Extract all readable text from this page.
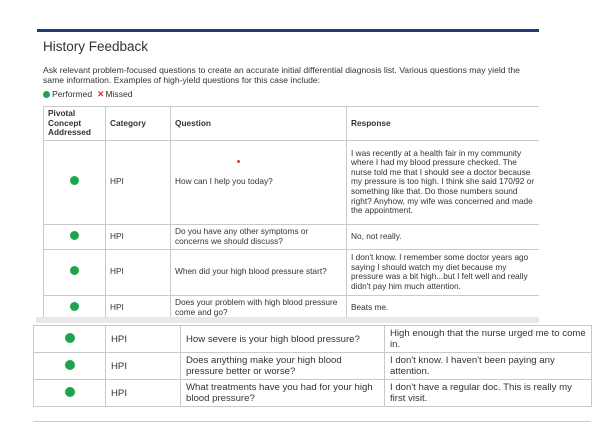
History Feedback
Ask relevant problem-focused questions to create an accurate initial differential diagnosis list. Various questions may yield the same information. Examples of high-yield questions for this case include:
Performed ✕Missed
Pivotal Concept Addressed	Category	Question	Response
	HPI	How can I help you today?	I was recently at a health fair in my community where I had my blood pressure checked. The nurse told me that I should see a doctor because my pressure is too high. I think she said 170/92 or something like that. Do those numbers sound right? Anyhow, my wife was concerned and made the appointment.
	HPI	Do you have any other symptoms or concerns we should discuss?	No, not really.
	HPI	When did your high blood pressure start?	I don't know. I remember some doctor years ago saying I should watch my diet because my pressure was a bit high...but I felt well and really didn't pay him much attention.
	HPI	Does your problem with high blood pressure come and go?	Beats me.

	HPI	How severe is your high blood pressure?	High enough that the nurse urged me to come in.
	HPI	Does anything make your high blood pressure better or worse?	I don't know. I haven't been paying any attention.
	HPI	What treatments have you had for your high blood pressure?	I don't have a regular doc. This is really my first visit.
